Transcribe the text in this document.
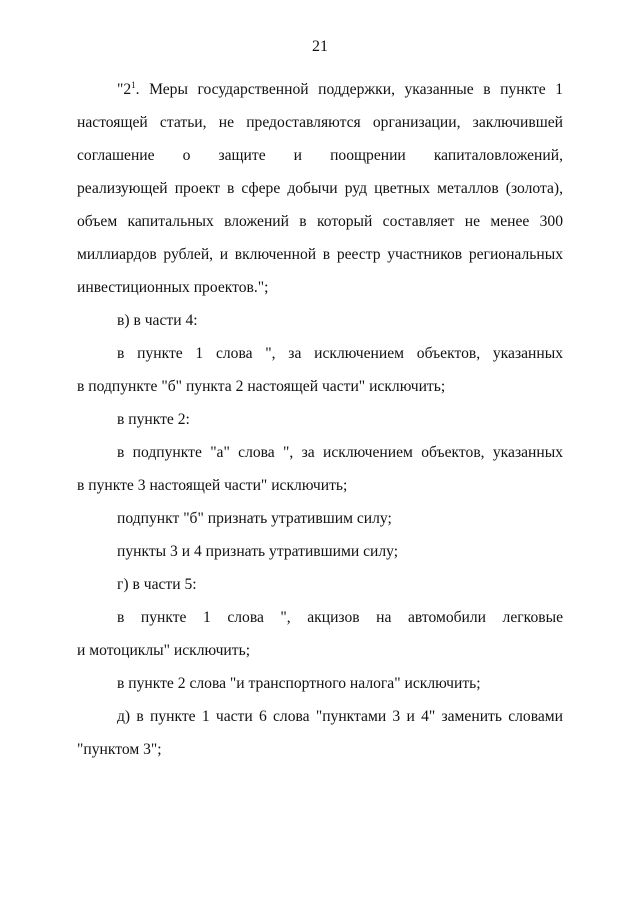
21
"$2^1$. Меры государственной поддержки, указанные в пункте 1
настоящей статьи, не предоставляются организации, заключившей
соглашение о защите и поощрении капиталовложений,
реализующей проект в сфере добычи руд цветных металлов (золота),
объем капитальных вложений в который составляет не менее 300
миллиардов рублей, и включенной в реестр участников региональных
инвестиционных проектов.";
в) в части 4:
в пункте 1 слова ", за исключением объектов, указанных
в подпункте "б" пункта 2 настоящей части" исключить;
в пункте 2:
в подпункте "а" слова ", за исключением объектов, указанных
в пункте 3 настоящей части" исключить;
подпункт "б" признать утратившим силу;
пункты 3 и 4 признать утратившими силу;
г) в части 5:
в пункте 1 слова ", акцизов на автомобили легковые
и мотоциклы" исключить;
в пункте 2 слова "и транспортного налога" исключить;
д) в пункте 1 части 6 слова "пунктами 3 и 4" заменить словами
"пунктом 3";
